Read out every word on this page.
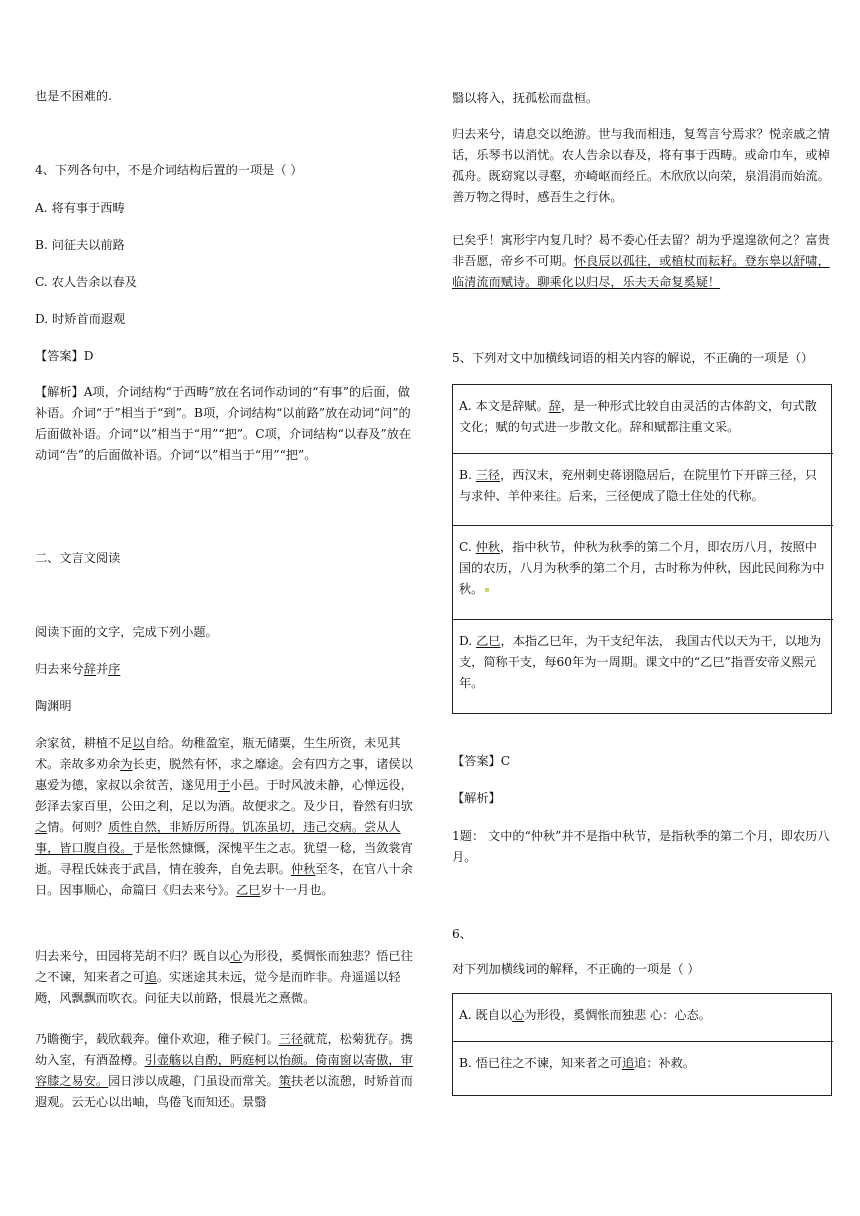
也是不困难的.

4、下列各句中，不是介词结构后置的一项是（ ）

A. 将有事于西畴

B. 问征夫以前路

C. 农人告余以春及

D. 时矫首而遐观

【答案】D

【解析】A项，介词结构“于西畴”放在名词作动词的“有事”的后面，做补语。介词“于”相当于“到”。B项，介词结构“以前路”放在动词“问”的后面做补语。介词“以”相当于“用”“把”。C项，介词结构“以春及”放在动词“告”的后面做补语。介词“以”相当于“用”“把”。

二、文言文阅读

阅读下面的文字，完成下列小题。

归去来兮辞并序

陶渊明

余家贫，耕植不足以自给。幼稚盈室，瓶无储粟，生生所资，未见其术。亲故多劝余为长吏，脱然有怀，求之靡途。会有四方之事，诸侯以惠爱为德，家叔以余贫苦，遂见用于小邑。于时风波未静，心惮远役，彭泽去家百里，公田之利，足以为酒。故便求之。及少日，眷然有归欤之情。何则？质性自然，非矫厉所得。饥冻虽切，违己交病。尝从人事，皆口腹自役。于是怅然慷慨，深愧平生之志。犹望一稔，当敛裳宵逝。寻程氏妹丧于武昌，情在骏奔，自免去职。仲秋至冬，在官八十余日。因事顺心，命篇曰《归去来兮》。乙巳岁十一月也。

归去来兮，田园将芜胡不归？既自以心为形役，奚惆怅而独悲？悟已往之不谏，知来者之可追。实迷途其未远，觉今是而昨非。舟遥遥以轻飏，风飘飘而吹衣。问征夫以前路，恨晨光之熹微。

乃瞻衡宇，载欣载奔。僮仆欢迎，稚子候门。三径就荒，松菊犹存。携幼入室，有酒盈樽。引壶觞以自酌，眄庭柯以怡颜。倚南窗以寄傲，审容膝之易安。园日涉以成趣，门虽设而常关。策扶老以流憩，时矫首而遐观。云无心以出岫，鸟倦飞而知还。景翳

翳以将入，抚孤松而盘桓。

归去来兮，请息交以绝游。世与我而相违，复驾言兮焉求？悦亲戚之情话，乐琴书以消忧。农人告余以春及，将有事于西畴。或命巾车，或棹孤舟。既窈窕以寻壑，亦崎岖而经丘。木欣欣以向荣，泉涓涓而始流。善万物之得时，感吾生之行休。

已矣乎！寓形宇内复几时？曷不委心任去留？胡为乎遑遑欲何之？富贵非吾愿，帝乡不可期。怀良辰以孤往，或植杖而耘耔。登东皋以舒啸，临清流而赋诗。聊乘化以归尽，乐夫天命复奚疑！

5、下列对文中加横线词语的相关内容的解说，不正确的一项是（）

A. 本文是辞赋。辞，是一种形式比较自由灵活的古体韵文，句式散文化；赋的句式进一步散文化。辞和赋都注重文采。
B. 三径，西汉末，兖州刺史蒋诩隐居后，在院里竹下开辟三径，只与求仲、羊仲来往。后来，三径便成了隐士住处的代称。
C. 仲秋，指中秋节，仲秋为秋季的第二个月，即农历八月，按照中国的农历，八月为秋季的第二个月，古时称为仲秋，因此民间称为中秋。
D. 乙巳，本指乙巳年，为干支纪年法， 我国古代以天为干，以地为支，简称干支，每60年为一周期。课文中的“乙巳”指晋安帝义熙元年。

【答案】C

【解析】

1题： 文中的“仲秋”并不是指中秋节，是指秋季的第二个月，即农历八月。

6、

对下列加横线词的解释，不正确的一项是（ ）

A. 既自以心为形役，奚惆怅而独悲 心：心态。
B. 悟已往之不谏，知来者之可追追：补救。
